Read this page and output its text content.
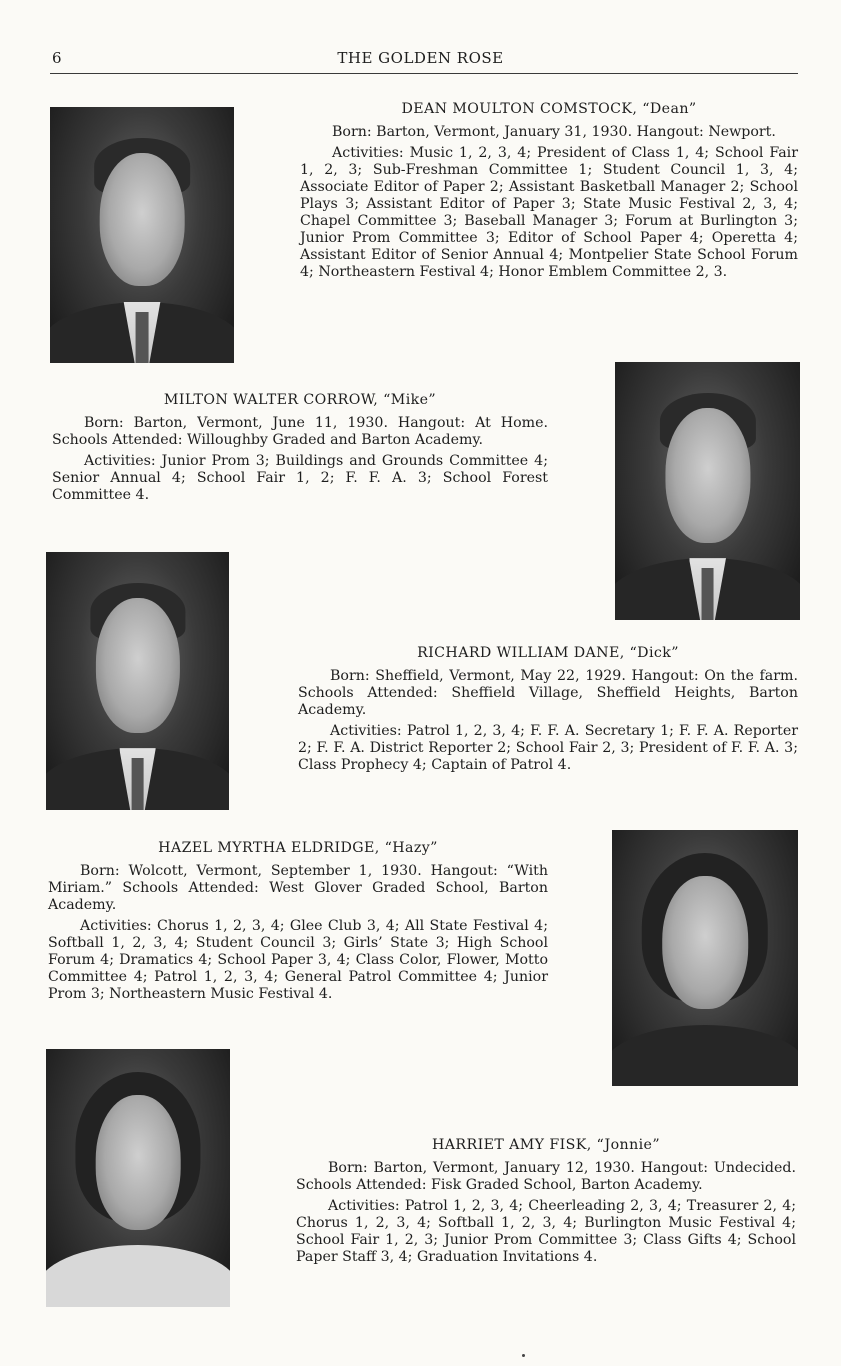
6	THE GOLDEN ROSE
DEAN MOULTON COMSTOCK, “Dean”

Born: Barton, Vermont, January 31, 1930. Hangout: Newport.

Activities: Music 1, 2, 3, 4; President of Class 1, 4; School Fair 1, 2, 3; Sub-Freshman Committee 1; Student Council 1, 3, 4; Associate Editor of Paper 2; Assistant Basketball Manager 2; School Plays 3; Assistant Editor of Paper 3; State Music Festival 2, 3, 4; Chapel Committee 3; Baseball Manager 3; Forum at Burlington 3; Junior Prom Committee 3; Editor of School Paper 4; Operetta 4; Assistant Editor of Senior Annual 4; Montpelier State School Forum 4; Northeastern Festival 4; Honor Emblem Committee 2, 3.

MILTON WALTER CORROW, “Mike”

Born: Barton, Vermont, June 11, 1930. Hangout: At Home. Schools Attended: Willoughby Graded and Barton Academy.

Activities: Junior Prom 3; Buildings and Grounds Committee 4; Senior Annual 4; School Fair 1, 2; F. F. A. 3; School Forest Committee 4.

RICHARD WILLIAM DANE, “Dick”

Born: Sheffield, Vermont, May 22, 1929. Hangout: On the farm. Schools Attended: Sheffield Village, Sheffield Heights, Barton Academy.

Activities: Patrol 1, 2, 3, 4; F. F. A. Secretary 1; F. F. A. Reporter 2; F. F. A. District Reporter 2; School Fair 2, 3; President of F. F. A. 3; Class Prophecy 4; Captain of Patrol 4.

HAZEL MYRTHA ELDRIDGE, “Hazy”

Born: Wolcott, Vermont, September 1, 1930. Hangout: “With Miriam.” Schools Attended: West Glover Graded School, Barton Academy.

Activities: Chorus 1, 2, 3, 4; Glee Club 3, 4; All State Festival 4; Softball 1, 2, 3, 4; Student Council 3; Girls’ State 3; High School Forum 4; Dramatics 4; School Paper 3, 4; Class Color, Flower, Motto Committee 4; Patrol 1, 2, 3, 4; General Patrol Committee 4; Junior Prom 3; Northeastern Music Festival 4.

HARRIET AMY FISK, “Jonnie”

Born: Barton, Vermont, January 12, 1930. Hangout: Undecided. Schools Attended: Fisk Graded School, Barton Academy.

Activities: Patrol 1, 2, 3, 4; Cheerleading 2, 3, 4; Treasurer 2, 4; Chorus 1, 2, 3, 4; Softball 1, 2, 3, 4; Burlington Music Festival 4; School Fair 1, 2, 3; Junior Prom Committee 3; Class Gifts 4; School Paper Staff 3, 4; Graduation Invitations 4.
